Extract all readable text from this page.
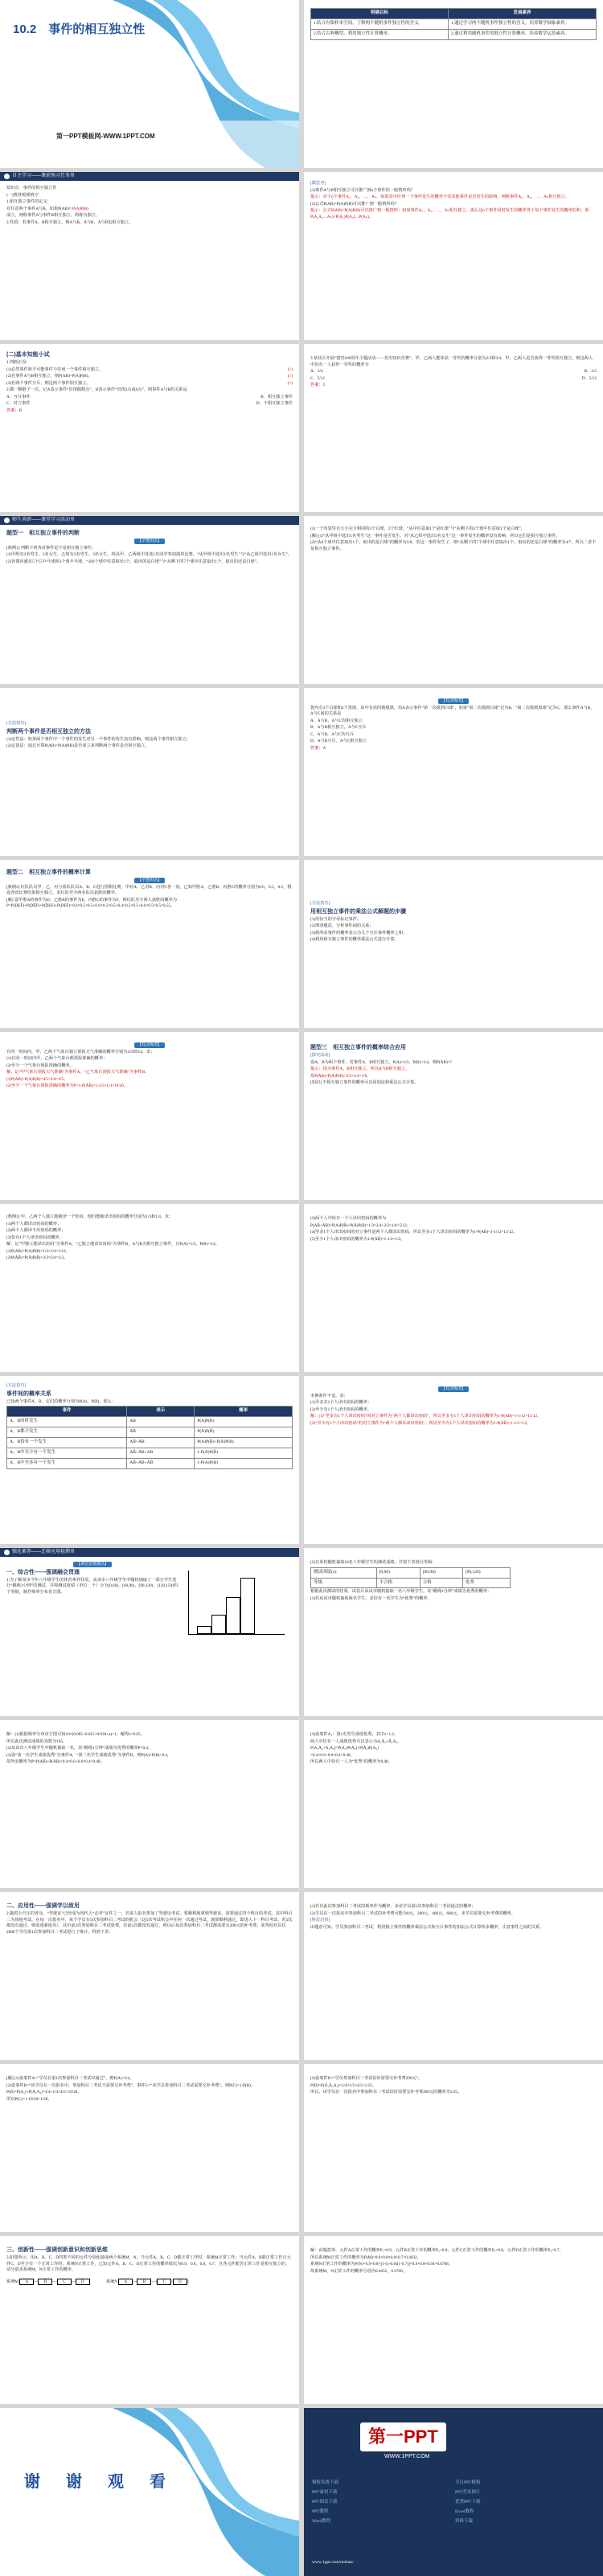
10.2　事件的相互独立性
第一PPT模板网-WWW.1PPT.COM
明确目标	发展素养
1.结合有限样本空间，了解两个随机事件独立性的含义。	1.通过学习两个随机事件独立性的含义，培养数学抽象素养。
2.结合古典概型，利用独立性计算概率。	2.通过利用随机事件的独立性计算概率，培养数学运算素养。
自主学习——课前预习任务单

知识点　事件的相互独立性

(一)教材梳理填空

1.相互独立事件的定义：

对任意两个事件A与B，如果P(AB)= P(A)P(B)

成立，则称事件A与事件B相互独立，简称为独立。

2.性质：若事件A，B相互独立，则A与B̄，Ā与B，Ā与B̄也相互独立。

[微思考]

(1)事件A与B相互独立可以推广到n个事件的一般情形吗？

提示：对于n个事件A₁，A₂，…，Aₙ，如果其中任何一个事件发生的概率不受其他事件是否发生的影响，则称事件A₁，A₂，…，Aₙ相互独立。

(2)公式P(AB)=P(A)P(B)可以推广到一般情形吗？

提示：公式P(AB)=P(A)P(B)可以推广到一般情形：如果事件A₁，A₂，…，Aₙ相互独立，那么这n个事件同时发生的概率等于每个事件发生的概率的积，即P(A₁A₂…Aₙ)=P(A₁)P(A₂)…P(Aₙ)。

(二)基本知能小试

1.判断正误：

(1)必然事件和不可能事件与任何一个事件相互独立。	(√)

(2)若事件A与B相互独立，则P(AB)=P(A)P(B)。	(√)

(3)若两个事件互斥，则这两个事件相互独立。	(×)

2.掷一颗骰子一次，记A表示事件“出现偶数点”，B表示事件“出现3点或6点”，则事件A与B的关系是

A．互斥事件	B．相互独立事件

C．对立事件	D．不相互独立事件

答案：B

3.某社区开展“建党100周年主题活动——党史知识竞赛”，甲、乙两人能荣获一等奖的概率分别为2/3和3/4，甲、乙两人是否获得一等奖相互独立，则这两人中恰有一人获得一等奖的概率为

A．3/4	B．2/3

C．5/12	D．5/12

答案：C

师生共研——课堂学习活动单

题型一　相互独立事件的判断

【学透用活】

[典例1] 判断下列各对事件是不是相互独立事件。

(1)甲组有3名男生、2名女生，乙组有2名男生、3名女生，现从甲、乙两组中各选1名同学参加演讲比赛，“从甲组中选出1名男生”与“从乙组中选出1名女生”。

(2)容器内盛有5个白乒乓球和3个黄乒乓球，“从8个球中任意取出1个，取出的是白球”与“从剩下的7个球中任意取出1个，取出的还是白球”。

(3)一个布袋里有大小完全相同的3个白球，2个红球，“从中任意取1个是红球”与“从剩下的4个球中任意取1个是白球”。

[解] (1)“从甲组中选出1名男生”这一事件是否发生，对“从乙组中选出1名女生”这一事件发生的概率没有影响，所以它们是相互独立事件。

(2)“从8个球中任意取出1个，取出的是白球”的概率为5/8，若这一事件发生了，则“从剩下的7个球中任意取出1个，取出的还是白球”的概率为4/7，所以二者不是相互独立事件。

[方法技巧]

判断两个事件是否相互独立的方法

(1)定性法：如果两个事件中一个事件的发生对另一个事件的发生没有影响，则这两个事件相互独立。

(2)定量法：通过计算P(AB)=P(A)P(B)是否成立来判断两个事件是否相互独立。

【对点练清】

袋内有3个白球和2个黑球，从中有放回地摸球，用A表示事件“第一次摸到白球”，如果“第二次摸到白球”记为B，“第二次摸到黑球”记为C，那么事件A与B，A与C间的关系是

A．A与B，A与C均相互独立

B．A与B相互独立，A与C互斥

C．A与B，A与C均互斥

D．A与B互斥，A与C相互独立

答案：A

题型二　相互独立事件的概率计算

【学透用活】

[典例2] 红队队员甲、乙、丙与蓝队队员A、B、C进行围棋比赛，甲对A、乙对B、丙对C各一盘，已知甲胜A、乙胜B、丙胜C的概率分别为0.6，0.5，0.5，假设各盘比赛结果相互独立，求红队至少两名队员获胜的概率。

[解] 设甲胜A的事件为D，乙胜B的事件为E，丙胜C的事件为F，则红队至少两人获胜的概率为P=P(DEF̄)+P(DĒF)+P(D̄EF)+P(DEF)=0.6×0.5×0.5+0.6×0.5×0.5+0.4×0.5×0.5+0.6×0.5×0.5=0.55。

[方法技巧]

用相互独立事件的乘法公式解题的步骤

(1)用恰当的字母标记事件；

(2)理清题意，分析事件间的关系；

(3)将所求事件的概率表示为几个互斥事件概率之和；

(4)利用相互独立事件的概率乘法公式进行计算。

【对点练清】

在同一时间内，甲、乙两个气象台独立预报天气准确的概率分别为4/5和3/4，求：

(1)在同一时间内甲、乙两个气象台都预报准确的概率；

(2)至少一个气象台预报准确的概率。

解：记“甲气象台预报天气准确”为事件A，“乙气象台预报天气准确”为事件B。

(1)P(AB)=P(A)P(B)=4/5×3/4=3/5。

(2)至少一个气象台预报准确的概率为P=1-P(ĀB̄)=1-1/5×1/4=19/20。

题型三　相互独立事件的概率综合应用

[探究活动]

设A，B为两个事件，若事件A，B相互独立，P(A)=1/3，P(B)=1/4，则P(ĀB)=?

提示：因为事件A，B相互独立，所以Ā与B相互独立，

故P(ĀB)=P(Ā)P(B)=2/3×1/4=1/6。

[知识] 不相互独立事件的概率可以用加法和乘法公式计算。

[典例3] 甲、乙两个人独立地破译一个密码，他们能破译出密码的概率分别为1/3和1/4，求：

(1)两个人都译出密码的概率；

(2)两个人都译不出密码的概率；

(3)恰有1个人译出密码的概率。

解：记“甲独立地译出密码”为事件A，“乙独立地译出密码”为事件B，A与B为相互独立事件，且P(A)=1/3，P(B)=1/4。

(1)P(AB)=P(A)P(B)=1/3×1/4=1/12。

(2)P(ĀB̄)=P(Ā)P(B̄)=2/3×3/4=1/2。

(3)两个人中恰有一个人译出密码的概率为

P(AB̄+ĀB)=P(A)P(B̄)+P(Ā)P(B)=1/3×3/4+2/3×1/4=5/12。

(4)至多1个人译出密码的对立事件是两个人都译出密码，所以至多1个人译出密码的概率为1-P(AB)=1-1/12=11/12。

(5)至少1个人译出密码的概率为1-P(ĀB̄)=1-1/2=1/2。

[方法技巧]

事件间的概率关系

已知两个事件A，B，它们的概率分别为P(A)，P(B)，那么：

事件	表示	概率
A，B同时发生	AB	P(A)P(B)
A，B都不发生	ĀB̄	P(Ā)P(B̄)
A，B恰有一个发生	AB̄+ĀB	P(A)P(B̄)+P(Ā)P(B)
A，B中至少有一个发生	AB̄+ĀB+AB	1-P(Ā)P(B̄)
A，B中至多有一个发生	AB̄+ĀB+ĀB̄	1-P(A)P(B)

【对点练清】

本例条件不变，求：

(1)至多有1个人译出密码的概率；

(2)至少有1个人译出密码的概率。

解：(1)“至多有1个人译出密码”的对立事件为“两个人都译出密码”，所以至多有1个人译出密码的概率为1-P(AB)=1-1/12=11/12。

(2)“至少有1个人译出密码”的对立事件为“两个人都未译出密码”，所以至少有1个人译出密码的概率为1-P(ĀB̄)=1-1/2=1/2。

强化素养——迁移应用检测单

【课堂思维激活】

一、综合性——强调融会贯通

1.为了解某市今年八年级学生的体育素养状况，从该市八年级学生中随机抽取了一部分学生进行“跳绳1分钟”的测试，并将测试成绩（单位：个）分为[0,60)，[60,90)，[90,120)，[120,150)四个等级，制作频率分布直方图。

(2)在某校随机抽取10名八年级学生的测试成绩，并按下表划分等级：

测试成绩(x)	[0,60)	[60,90)	[90,120)
等级	不合格	合格	优秀

根据此次测试的结果，试估计从该市随机抽取一名八年级学生，其“跳绳1分钟”成绩为优秀的概率；

(3)若从该市随机抽取两名学生，求恰有一名学生为“优秀”的概率。

解：(1)根据频率分布直方图可知10×(0.005+0.015+0.030+a)=1，解得a=0.05。

所以此次测试成绩的众数为105。

(2)从该市八年级学生中随机抽取一名，其“跳绳1分钟”成绩为优秀的概率P=0.4。

(3)设“第一名学生成绩优秀”为事件A，“第二名学生成绩优秀”为事件B，则P(A)=P(B)=0.4，

故所求概率为P=P(AB̄)+P(ĀB)=0.4×0.6+0.6×0.4=0.48。

(3)设事件A₁：第1名男生成绩优秀，其中x=1.2，

两人中恰有一人成绩优秀可以表示为A₁Ā₂+Ā₁A₂，

P(A₁Ā₂+Ā₁A₂)=P(A₁)P(Ā₂)+P(Ā₁)P(A₂)

=0.4×0.6+0.6×0.4=0.48。

所以两人中恰有一人为“优秀”的概率为0.48。

二、应用性——强调学以致用

2.随着小汽车的普及，“驾驶证”已经成为现代人“必考”证件之一。若某人报名参加了驾驶证考试，要顺利地拿到驾驶证，需要通过四个科目的考试，其中科目二为场地考试，在每一次报名中，每个学员有5次参加科目二考试的机会（这5次考试机会中任何一次通过考试，就算顺利通过，即进入下一科目考试，若5次都没有通过，则需重新报名），其中前2次参加科目二考试免费，若前2次都没有通过，则以后每次参加科目二考试都需要交200元的补考费。某驾校对以往2000个学员第1次参加科目二考试进行了统计，得到下表：

(1)若以此次参加科目二考试的频率作为概率，求该学员第1次参加科目二考试通过的概率；

(2)学员在一次报名中参加科目二考试的补考费可能为0元，200元，400元，600元，求学员需要交补考费的概率。

[科思启悟]

由题意可知，学员参加科目二考试，利用独立事件的概率乘法公式和互斥事件的加法公式计算所求概率，注意事件之间的关系。

[解] (1)设事件A=“学员在第1次参加科目二考试中通过”，则P(A)=3/4。

(2)设事件B=“该学员在一次报名中，参加科目二考试不需要交补考费”，事件C=“该学员参加科目二考试需要交补考费”，则P(C)=1-P(B)。

P(B)=P(A₁)+P(Ā₁A₂)=3/4+1/4×4/5=19/20，

所以P(C)=1-19/20=1/20。

(2)设事件D=“学员参加科目二考试恰好需要交补考费200元”。

P(D)=P(Ā₁Ā₂A₃)=1/4×1/5×4/5=1/25。

所以，该学员在一次报名中参加科目二考试恰好需要交补考费200元的概率为1/25。

三、创新性——强调创新意识和创新思维

3.如图所示，用A，B，C，D四类不同的元件分别连接成两个系统M，N，当元件A，B，C，D都正常工作时，系统M正常工作；当元件A，B都正常工作且元件C，D至少有一个正常工作时，系统N正常工作，已知元件A，B，C，D正常工作的概率依次为0.9，0.8，0.8，0.7，且各元件能否正常工作是相互独立的，试分别求系统M，N正常工作的概率。

系统M A — B — C — D	系统N A — B —[ C / D ]

解：由题意得，元件A正常工作的概率P₁=0.9，元件B正常工作的概率P₂=0.8，元件C正常工作的概率P₃=0.8，元件D正常工作的概率P₄=0.7。

所以系统M正常工作的概率为P(M)=0.9×0.8×0.8×0.7=0.4032。

系统N正常工作的概率为P(N)=0.9×0.8×[1-(1-0.8)(1-0.7)]=0.9×0.8×0.94=0.6768。

故系统M，N正常工作的概率分别为0.4032，0.6768。

谢　谢　观　看
第一PPT
WWW.1PPT.COM
模板免费下载	节日PPT模板
PPT素材下载	PPT背景图片
PPT图表下载	优秀PPT下载
PPT教程	Excel教程
Word教程	资料下载
www.1ppt.com/moban/
